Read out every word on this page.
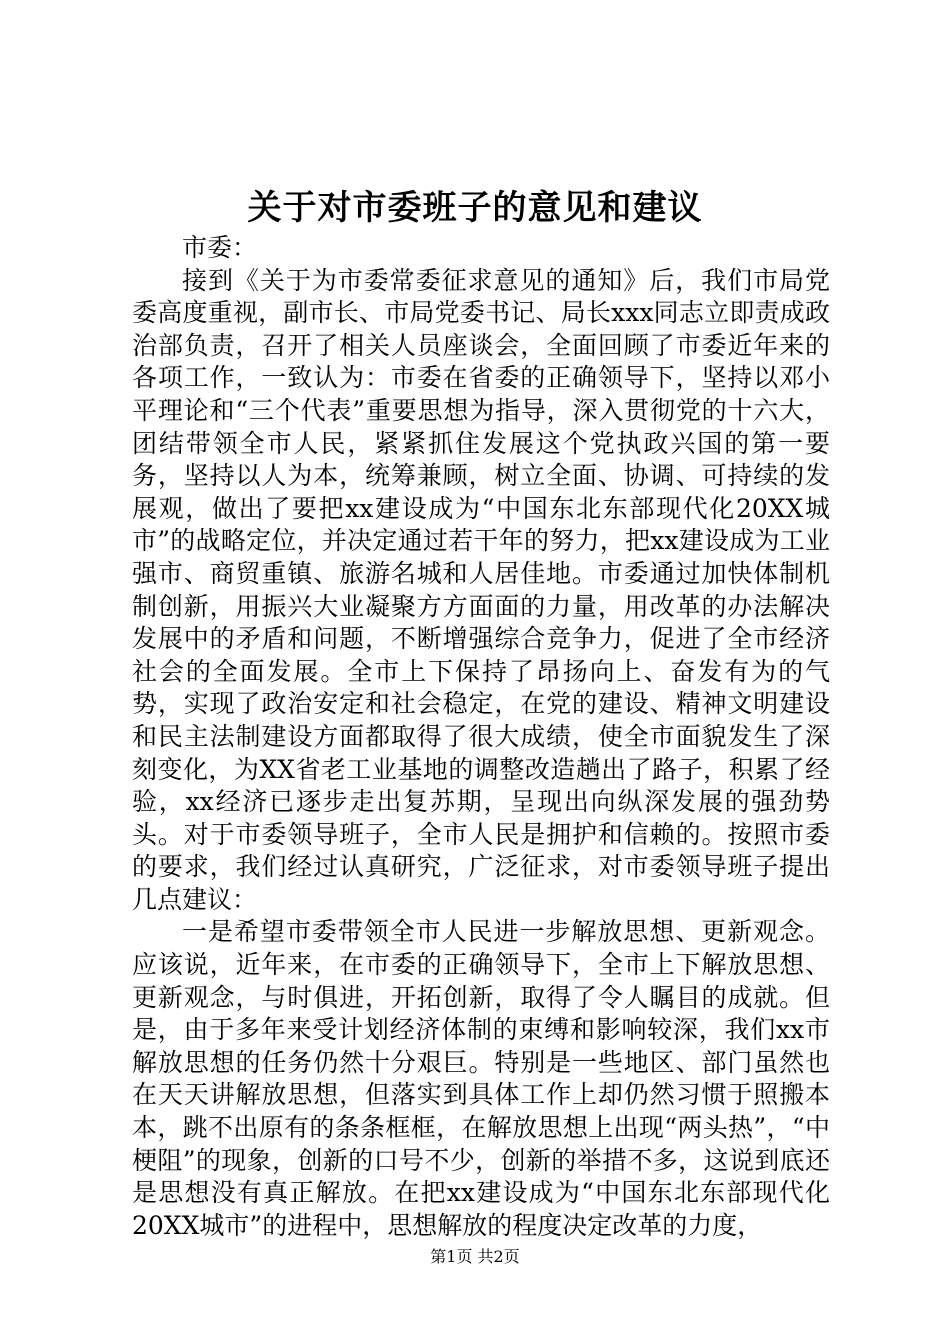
关于对市委班子的意见和建议

市委：

接到《关于为市委常委征求意见的通知》后，我们市局党委高度重视，副市长、市局党委书记、局长xxx同志立即责成政治部负责，召开了相关人员座谈会，全面回顾了市委近年来的各项工作，一致认为：市委在省委的正确领导下，坚持以邓小平理论和“三个代表”重要思想为指导，深入贯彻党的十六大，团结带领全市人民，紧紧抓住发展这个党执政兴国的第一要务，坚持以人为本，统筹兼顾，树立全面、协调、可持续的发展观，做出了要把xx建设成为“中国东北东部现代化20XX城市”的战略定位，并决定通过若干年的努力，把xx建设成为工业强市、商贸重镇、旅游名城和人居佳地。市委通过加快体制机制创新，用振兴大业凝聚方方面面的力量，用改革的办法解决发展中的矛盾和问题，不断增强综合竞争力，促进了全市经济社会的全面发展。全市上下保持了昂扬向上、奋发有为的气势，实现了政治安定和社会稳定，在党的建设、精神文明建设和民主法制建设方面都取得了很大成绩，使全市面貌发生了深刻变化，为XX省老工业基地的调整改造趟出了路子，积累了经验，xx经济已逐步走出复苏期，呈现出向纵深发展的强劲势头。对于市委领导班子，全市人民是拥护和信赖的。按照市委的要求，我们经过认真研究，广泛征求，对市委领导班子提出几点建议：

一是希望市委带领全市人民进一步解放思想、更新观念。应该说，近年来，在市委的正确领导下，全市上下解放思想、更新观念，与时俱进，开拓创新，取得了令人瞩目的成就。但是，由于多年来受计划经济体制的束缚和影响较深，我们xx市解放思想的任务仍然十分艰巨。特别是一些地区、部门虽然也在天天讲解放思想，但落实到具体工作上却仍然习惯于照搬本本，跳不出原有的条条框框，在解放思想上出现“两头热”，“中梗阻”的现象，创新的口号不少，创新的举措不多，这说到底还是思想没有真正解放。在把xx建设成为“中国东北东部现代化20XX城市”的进程中，思想解放的程度决定改革的力度，

第1页 共2页
